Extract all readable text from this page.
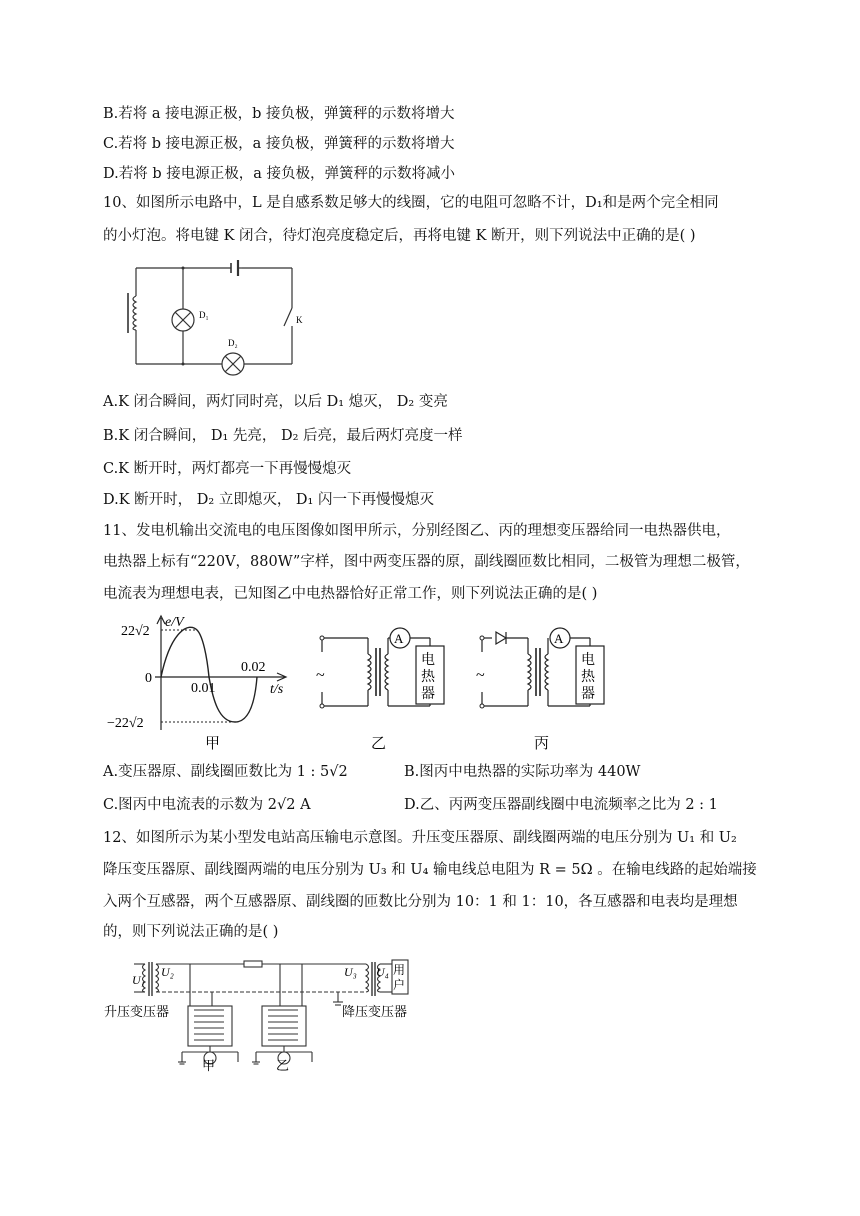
B.若将 a 接电源正极，b 接负极，弹簧秤的示数将增大
C.若将 b 接电源正极，a 接负极，弹簧秤的示数将增大
D.若将 b 接电源正极，a 接负极，弹簧秤的示数将减小
10、如图所示电路中，L 是自感系数足够大的线圈，它的电阻可忽略不计，D₁和是两个完全相同
的小灯泡。将电键 K 闭合，待灯泡亮度稳定后，再将电键 K 断开，则下列说法中正确的是( )
D₁
D₂
K
A.K 闭合瞬间，两灯同时亮，以后 D₁ 熄灭， D₂ 变亮
B.K 闭合瞬间， D₁ 先亮， D₂ 后亮，最后两灯亮度一样
C.K 断开时，两灯都亮一下再慢慢熄灭
D.K 断开时， D₂ 立即熄灭， D₁ 闪一下再慢慢熄灭
11、发电机输出交流电的电压图像如图甲所示，分别经图乙、丙的理想变压器给同一电热器供电，
电热器上标有“220V，880W”字样，图中两变压器的原，副线圈匝数比相同，二极管为理想二极管，
电流表为理想电表，已知图乙中电热器恰好正常工作，则下列说法正确的是( )
22√2
e/V
0
0.01
0.02
t/s
−22√2
甲
A
~
电
热
器
乙
A
~
电
热
器
丙
A.变压器原、副线圈匝数比为 1 : 5√2	B.图丙中电热器的实际功率为 440W
C.图丙中电流表的示数为 2√2 A	D.乙、丙两变压器副线圈中电流频率之比为 2 : 1
12、如图所示为某小型发电站高压输电示意图。升压变压器原、副线圈两端的电压分别为 U₁ 和 U₂
降压变压器原、副线圈两端的电压分别为 U₃ 和 U₄ 输电线总电阻为 R = 5Ω 。在输电线路的起始端接
入两个互感器，两个互感器原、副线圈的匝数比分别为 10：1 和 1：10，各互感器和电表均是理想
的，则下列说法正确的是( )
U₁
U₂	U₃ U₄ 用
户
升压变压器	降压变压器
甲	乙
